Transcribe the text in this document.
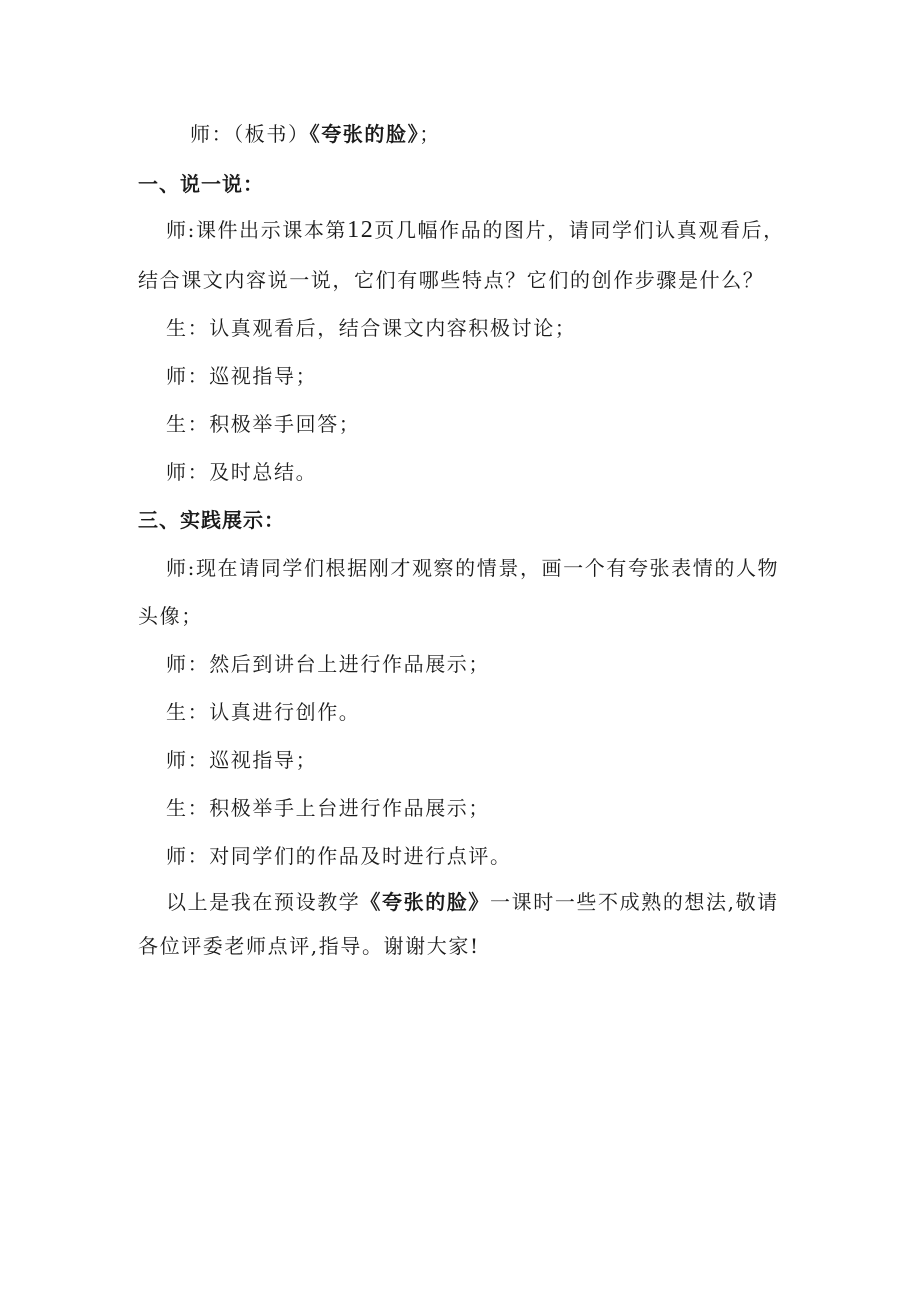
师：（板书）《夸张的脸》；
一、说一说：
师:课件出示课本第12页几幅作品的图片，请同学们认真观看后，
结合课文内容说一说，它们有哪些特点？它们的创作步骤是什么？
生：认真观看后，结合课文内容积极讨论；
师：巡视指导；
生：积极举手回答；
师：及时总结。
三、实践展示：
师:现在请同学们根据刚才观察的情景，画一个有夸张表情的人物
头像；
师：然后到讲台上进行作品展示；
生：认真进行创作。
师：巡视指导；
生：积极举手上台进行作品展示；
师：对同学们的作品及时进行点评。
以上是我在预设教学《夸张的脸》一课时一些不成熟的想法,敬请
各位评委老师点评,指导。谢谢大家!
